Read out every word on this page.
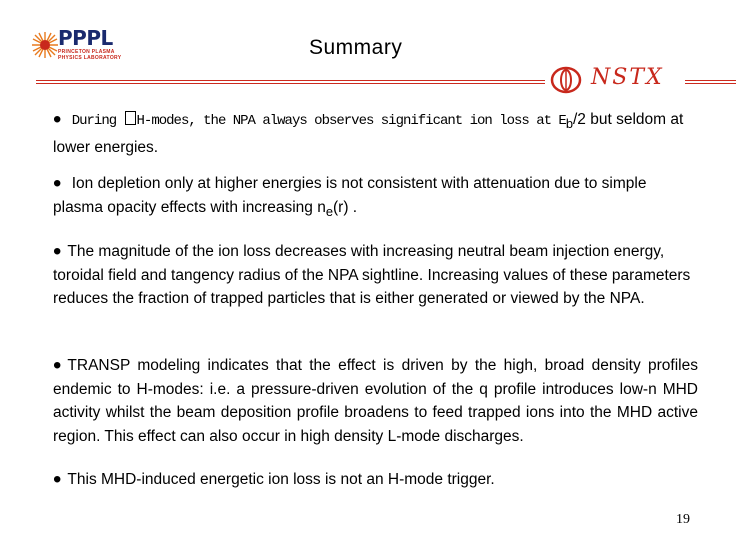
PPPL
PRINCETON PLASMA
PHYSICS LABORATORY	Summary
NSTX
• During H-modes, the NPA always observes significant ion loss at $E_b/2$ but seldom at lower energies.
• Ion depletion only at higher energies is not consistent with attenuation due to simple plasma opacity effects with increasing $n_e(r)$ .
• The magnitude of the ion loss decreases with increasing neutral beam injection energy, toroidal field and tangency radius of the NPA sightline. Increasing values of these parameters reduces the fraction of trapped particles that is either generated or viewed by the NPA.
• TRANSP modeling indicates that the effect is driven by the high, broad density profiles endemic to H-modes: i.e. a pressure-driven evolution of the q profile introduces low-n MHD activity whilst the beam deposition profile broadens to feed trapped ions into the MHD active region. This effect can also occur in high density L-mode discharges.
• This MHD-induced energetic ion loss is not an H-mode trigger.
19
